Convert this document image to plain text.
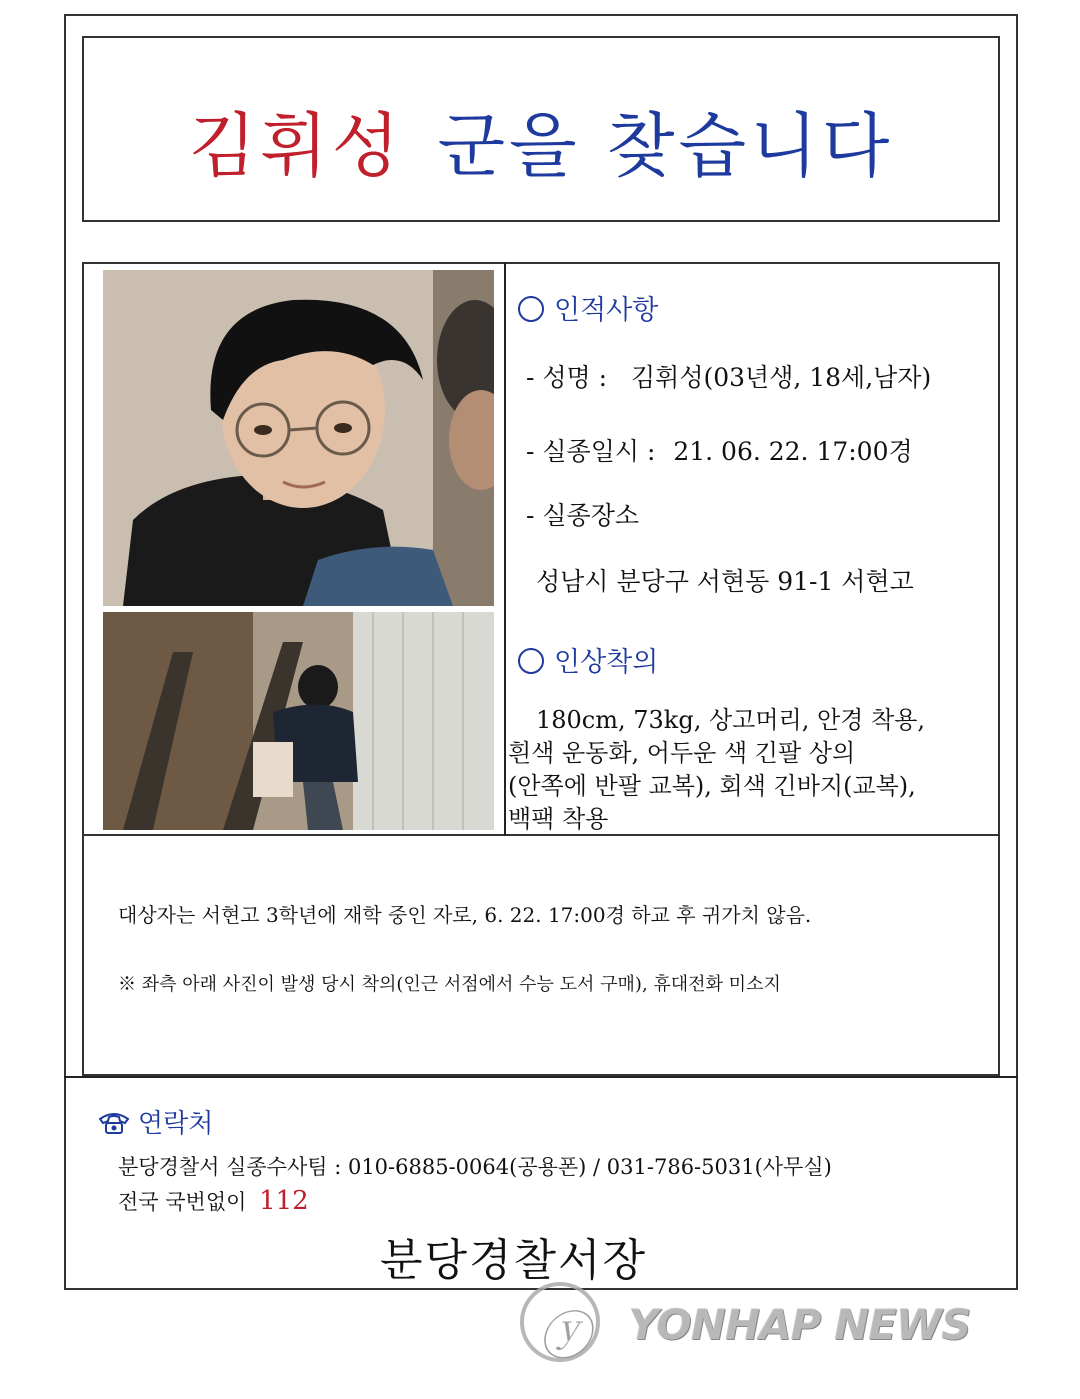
김휘성 군을 찾습니다
인적사항
- 성명 : 김휘성(03년생, 18세,남자)
- 실종일시 : 21. 06. 22. 17:00경
- 실종장소
성남시 분당구 서현동 91-1 서현고
인상착의
180cm, 73kg, 상고머리, 안경 착용,
흰색 운동화, 어두운 색 긴팔 상의
(안쪽에 반팔 교복), 회색 긴바지(교복),
백팩 착용
대상자는 서현고 3학년에 재학 중인 자로, 6. 22. 17:00경 하교 후 귀가치 않음.
※ 좌측 아래 사진이 발생 당시 착의(인근 서점에서 수능 도서 구매), 휴대전화 미소지
연락처
분당경찰서 실종수사팀 : 010-6885-0064(공용폰) / 031-786-5031(사무실)
전국 국번없이 112
분당경찰서장
ⓨ YONHAP NEWS
